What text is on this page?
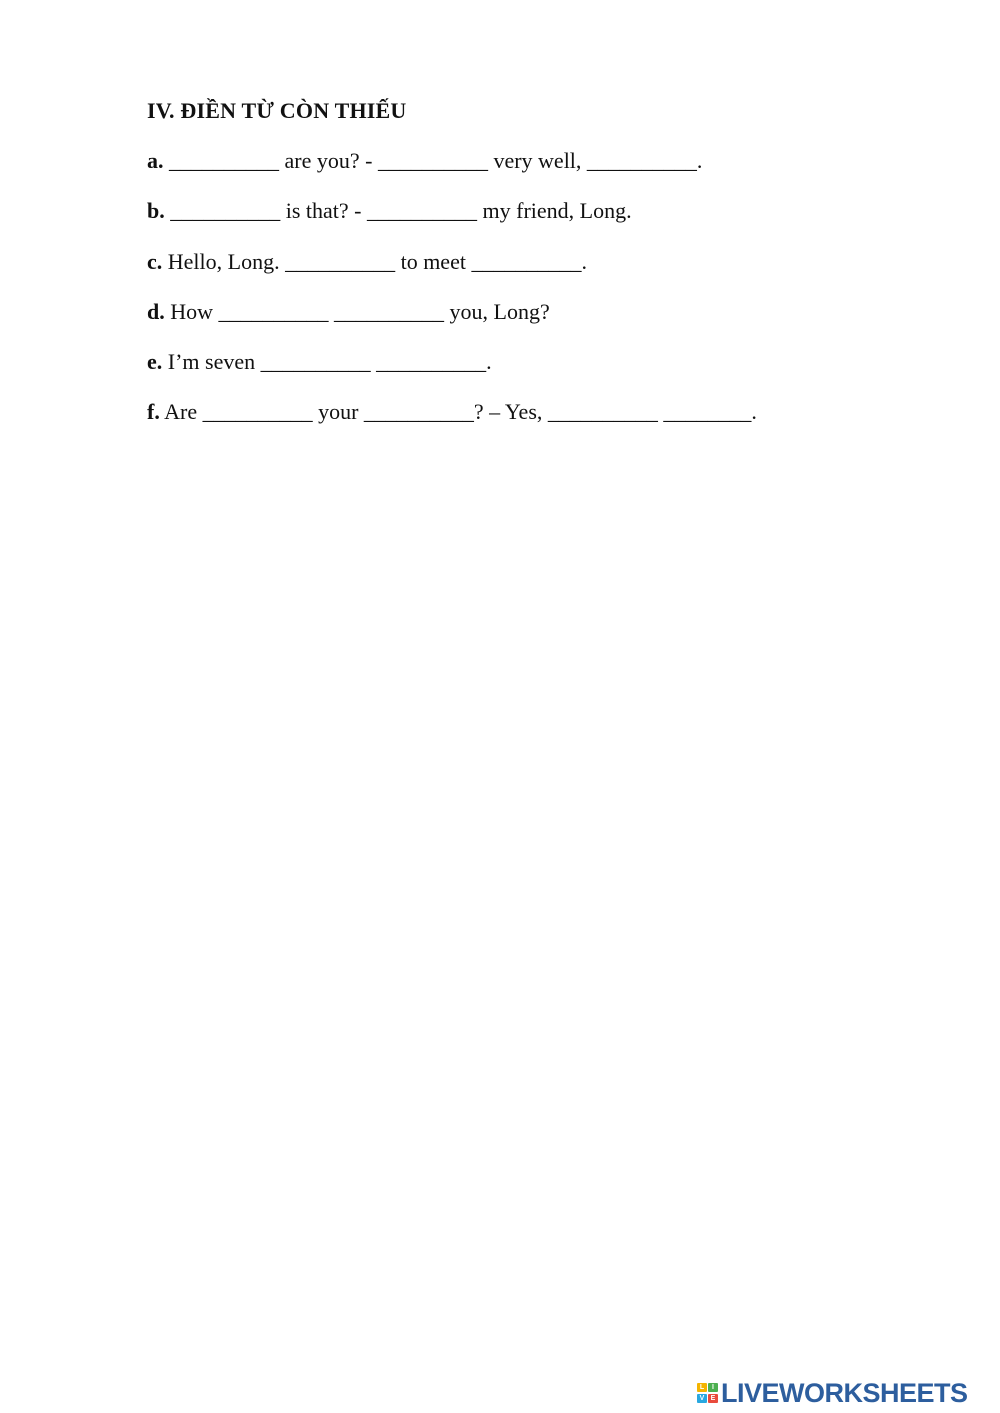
IV. ĐIỀN TỪ CÒN THIẾU
a. __________ are you? - __________ very well, __________.
b. __________ is that? - __________ my friend, Long.
c. Hello, Long. __________ to meet __________.
d. How __________ __________ you, Long?
e. I’m seven __________ __________.
f. Are __________ your __________? – Yes, __________ ________.
L	I
V E LIVEWORKSHEETS
